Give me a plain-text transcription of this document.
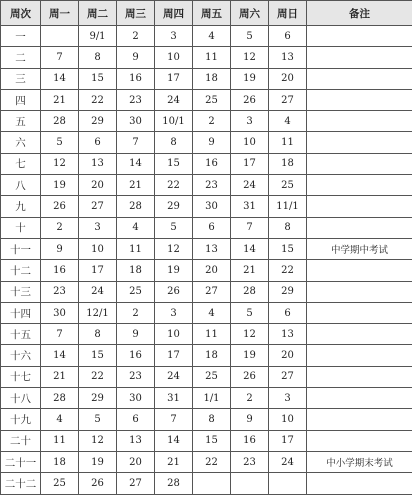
周次	周一	周二	周三	周四	周五	周六	周日	备注
一		9/1	2	3	4	5	6	
二	7	8	9	10	11	12	13	
三	14	15	16	17	18	19	20	
四	21	22	23	24	25	26	27	
五	28	29	30	10/1	2	3	4	
六	5	6	7	8	9	10	11	
七	12	13	14	15	16	17	18	
八	19	20	21	22	23	24	25	
九	26	27	28	29	30	31	11/1	
十	2	3	4	5	6	7	8	
十一	9	10	11	12	13	14	15	中学期中考试
十二	16	17	18	19	20	21	22	
十三	23	24	25	26	27	28	29	
十四	30	12/1	2	3	4	5	6	
十五	7	8	9	10	11	12	13	
十六	14	15	16	17	18	19	20	
十七	21	22	23	24	25	26	27	
十八	28	29	30	31	1/1	2	3	
十九	4	5	6	7	8	9	10	
二十	11	12	13	14	15	16	17	
二十一	18	19	20	21	22	23	24	中小学期末考试
二十二	25	26	27	28				
